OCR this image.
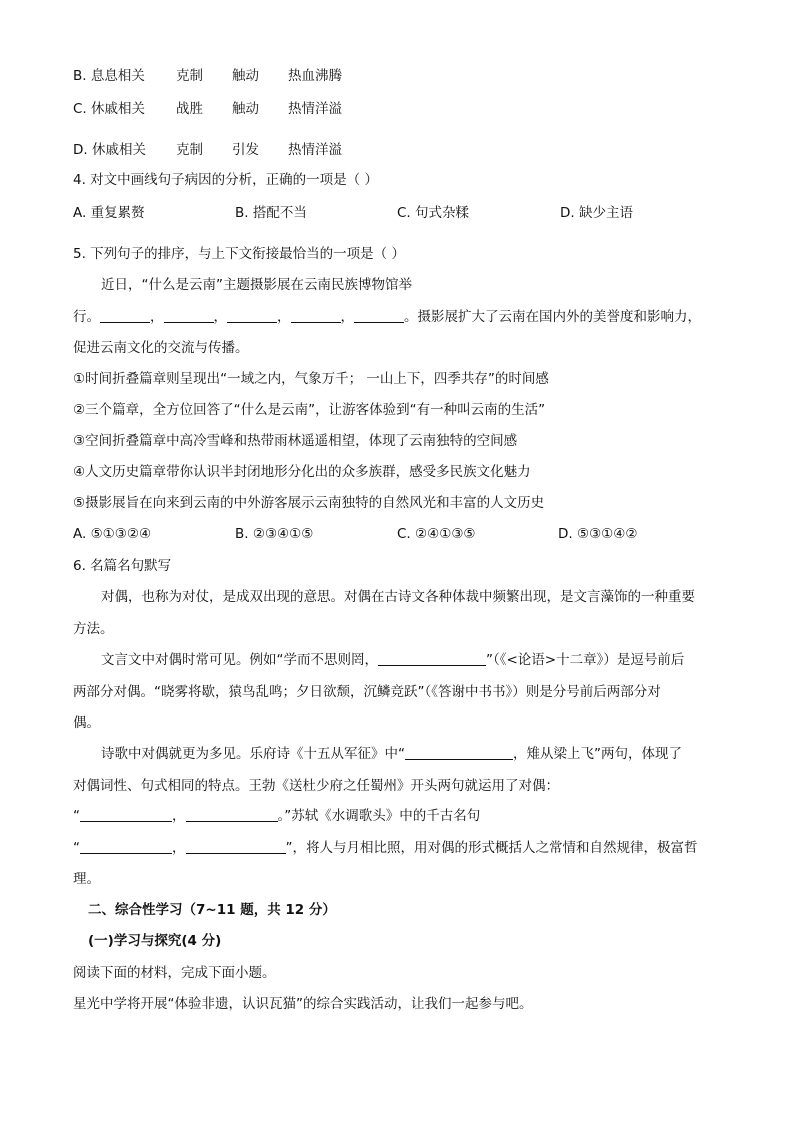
B. 息息相关 克制 触动 热血沸腾
C. 休戚相关 战胜 触动 热情洋溢
D. 休戚相关 克制 引发 热情洋溢
4. 对文中画线句子病因的分析，正确的一项是（ ）
A. 重复累赘	B. 搭配不当	C. 句式杂糅	D. 缺少主语
5. 下列句子的排序，与上下文衔接最恰当的一项是（ ）
近日，“什么是云南”主题摄影展在云南民族博物馆举
行。	，	，	，	，	。摄影展扩大了云南在国内外的美誉度和影响力，
促进云南文化的交流与传播。
①时间折叠篇章则呈现出“一域之内，气象万千； 一山上下，四季共存”的时间感
②三个篇章，全方位回答了“什么是云南”，让游客体验到“有一种叫云南的生活”
③空间折叠篇章中高冷雪峰和热带雨林遥遥相望，体现了云南独特的空间感
④人文历史篇章带你认识半封闭地形分化出的众多族群，感受多民族文化魅力
⑤摄影展旨在向来到云南的中外游客展示云南独特的自然风光和丰富的人文历史
A. ⑤①③②④	B. ②③④①⑤	C. ②④①③⑤	D. ⑤③①④②
6. 名篇名句默写
对偶，也称为对仗，是成双出现的意思。对偶在古诗文各种体裁中频繁出现，是文言藻饰的一种重要
方法。
文言文中对偶时常可见。例如“学而不思则罔，	”（《<论语>十二章》）是逗号前后
两部分对偶。“晓雾将歇，猿鸟乱鸣；夕日欲颓，沉鳞竞跃”（《答谢中书书》）则是分号前后两部分对
偶。
诗歌中对偶就更为多见。乐府诗《十五从军征》中“	，雉从梁上飞”两句，体现了
对偶词性、句式相同的特点。王勃《送杜少府之任蜀州》开头两句就运用了对偶：
“	，	。”苏轼《水调歌头》中的千古名句
“	，	”，将人与月相比照，用对偶的形式概括人之常情和自然规律，极富哲
理。
二、综合性学习（7~11 题，共 12 分）
(一)学习与探究(4 分)
阅读下面的材料，完成下面小题。
星光中学将开展“体验非遗，认识瓦猫”的综合实践活动，让我们一起参与吧。
